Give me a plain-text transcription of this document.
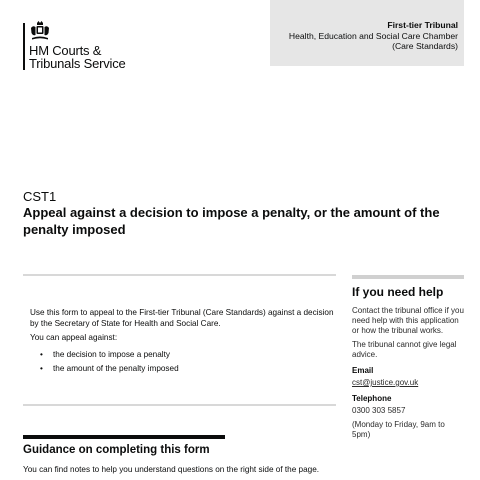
HM Courts &
Tribunals Service
First-tier Tribunal
Health, Education and Social Care Chamber
(Care Standards)
CST1
Appeal against a decision to impose a penalty, or the amount of the penalty imposed

Use this form to appeal to the First-tier Tribunal (Care Standards) against a decision by the Secretary of State for Health and Social Care.

You can appeal against:

• the decision to impose a penalty
• the amount of the penalty imposed
If you need help

Contact the tribunal office if you need help with this application or how the tribunal works.

The tribunal cannot give legal advice.

Email

cst@justice.gov.uk

Telephone

0300 303 5857

(Monday to Friday, 9am to 5pm)

Guidance on completing this form
You can find notes to help you understand questions on the right side of the page.
